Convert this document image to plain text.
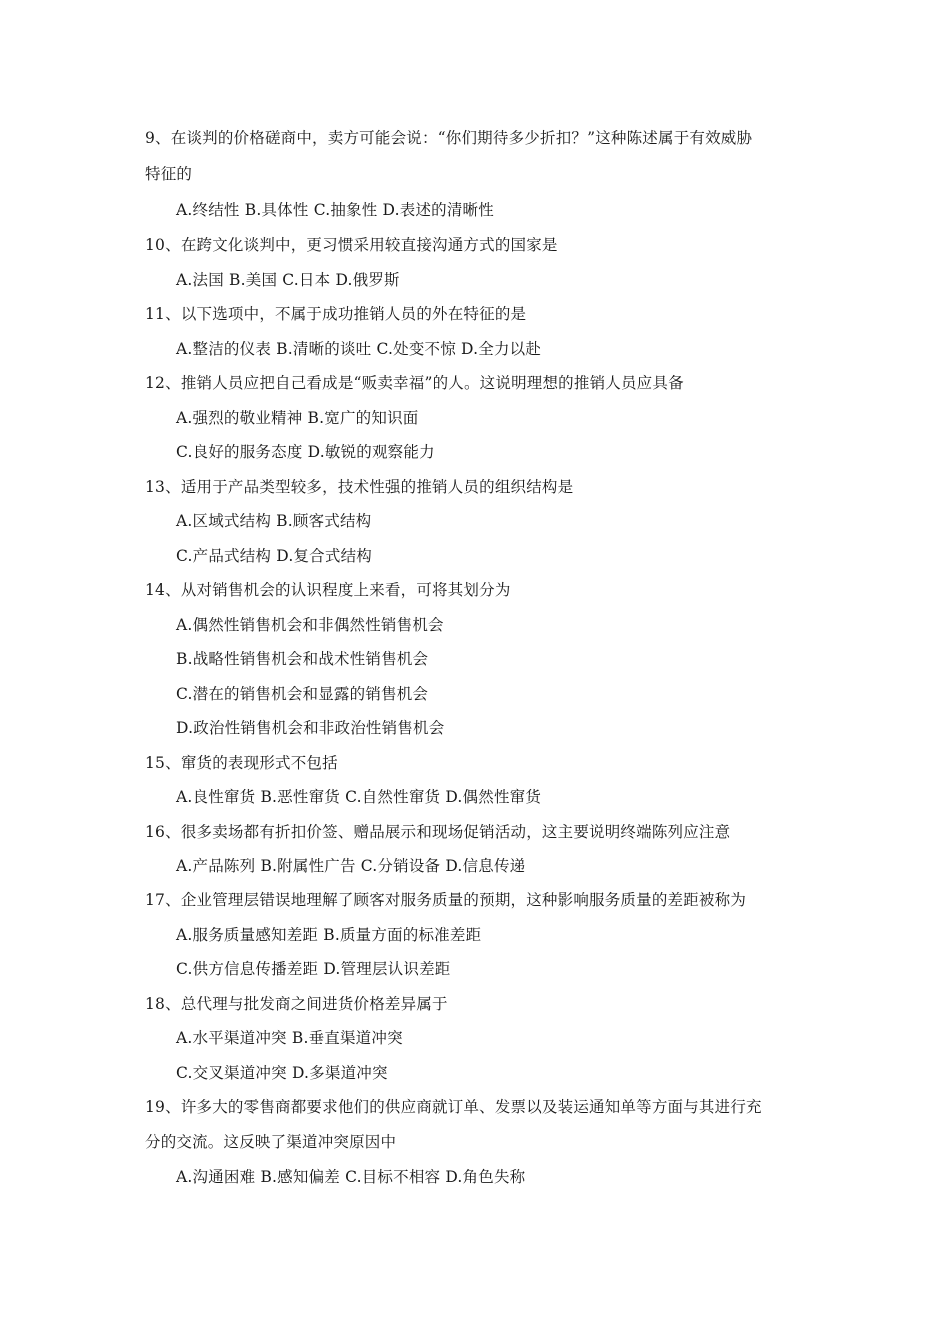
9、在谈判的价格磋商中，卖方可能会说：“你们期待多少折扣？”这种陈述属于有效威胁
特征的
A.终结性 B.具体性 C.抽象性 D.表述的清晰性
10、在跨文化谈判中，更习惯采用较直接沟通方式的国家是
A.法国 B.美国 C.日本 D.俄罗斯
11、以下选项中，不属于成功推销人员的外在特征的是
A.整洁的仪表 B.清晰的谈吐 C.处变不惊 D.全力以赴
12、推销人员应把自己看成是“贩卖幸福”的人。这说明理想的推销人员应具备
A.强烈的敬业精神 B.宽广的知识面
C.良好的服务态度 D.敏锐的观察能力
13、适用于产品类型较多，技术性强的推销人员的组织结构是
A.区域式结构 B.顾客式结构
C.产品式结构 D.复合式结构
14、从对销售机会的认识程度上来看，可将其划分为
A.偶然性销售机会和非偶然性销售机会
B.战略性销售机会和战术性销售机会
C.潜在的销售机会和显露的销售机会
D.政治性销售机会和非政治性销售机会
15、窜货的表现形式不包括
A.良性窜货 B.恶性窜货 C.自然性窜货 D.偶然性窜货
16、很多卖场都有折扣价签、赠品展示和现场促销活动，这主要说明终端陈列应注意
A.产品陈列 B.附属性广告 C.分销设备 D.信息传递
17、企业管理层错误地理解了顾客对服务质量的预期，这种影响服务质量的差距被称为
A.服务质量感知差距 B.质量方面的标准差距
C.供方信息传播差距 D.管理层认识差距
18、总代理与批发商之间进货价格差异属于
A.水平渠道冲突 B.垂直渠道冲突
C.交叉渠道冲突 D.多渠道冲突
19、许多大的零售商都要求他们的供应商就订单、发票以及装运通知单等方面与其进行充
分的交流。这反映了渠道冲突原因中
A.沟通困难 B.感知偏差 C.目标不相容 D.角色失称
